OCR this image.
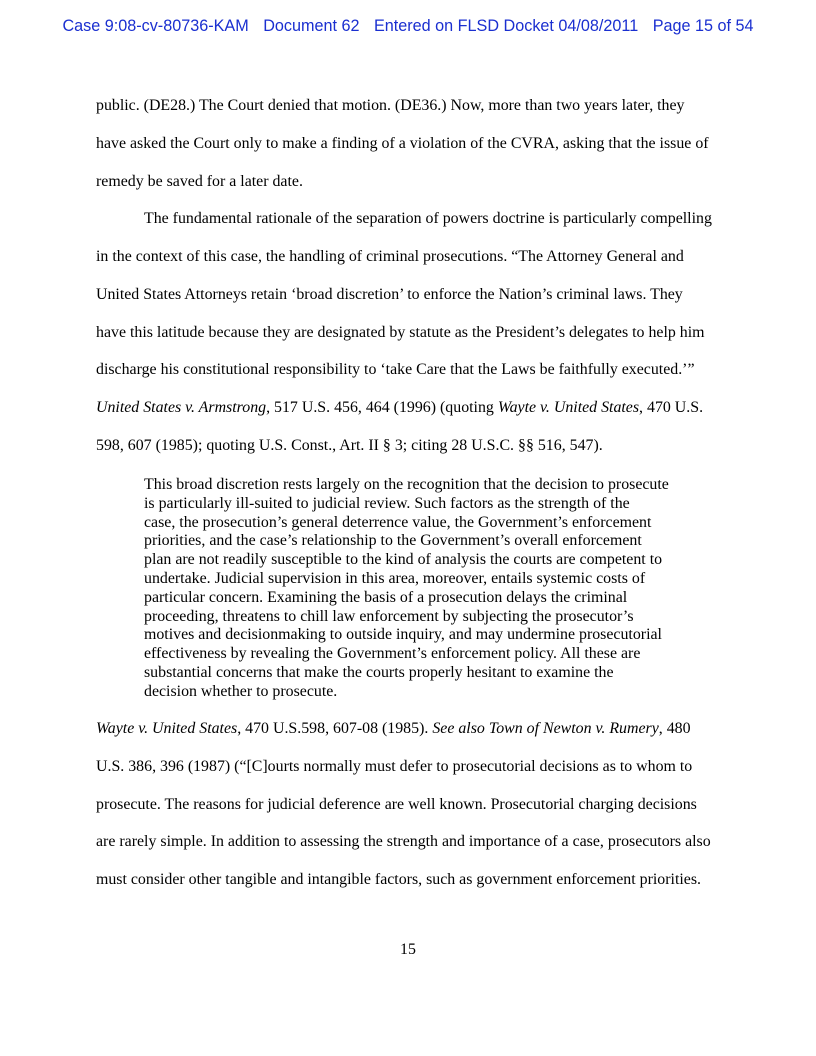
Case 9:08-cv-80736-KAM Document 62 Entered on FLSD Docket 04/08/2011 Page 15 of 54
public. (DE28.) The Court denied that motion. (DE36.) Now, more than two years later, they
have asked the Court only to make a finding of a violation of the CVRA, asking that the issue of
remedy be saved for a later date.
The fundamental rationale of the separation of powers doctrine is particularly compelling
in the context of this case, the handling of criminal prosecutions. “The Attorney General and
United States Attorneys retain ‘broad discretion’ to enforce the Nation’s criminal laws. They
have this latitude because they are designated by statute as the President’s delegates to help him
discharge his constitutional responsibility to ‘take Care that the Laws be faithfully executed.’”
United States v. Armstrong, 517 U.S. 456, 464 (1996) (quoting Wayte v. United States, 470 U.S.
598, 607 (1985); quoting U.S. Const., Art. II § 3; citing 28 U.S.C. §§ 516, 547).
This broad discretion rests largely on the recognition that the decision to prosecute
is particularly ill-suited to judicial review. Such factors as the strength of the
case, the prosecution’s general deterrence value, the Government’s enforcement
priorities, and the case’s relationship to the Government’s overall enforcement
plan are not readily susceptible to the kind of analysis the courts are competent to
undertake. Judicial supervision in this area, moreover, entails systemic costs of
particular concern. Examining the basis of a prosecution delays the criminal
proceeding, threatens to chill law enforcement by subjecting the prosecutor’s
motives and decisionmaking to outside inquiry, and may undermine prosecutorial
effectiveness by revealing the Government’s enforcement policy. All these are
substantial concerns that make the courts properly hesitant to examine the
decision whether to prosecute.
Wayte v. United States, 470 U.S.598, 607-08 (1985). See also Town of Newton v. Rumery, 480
U.S. 386, 396 (1987) (“[C]ourts normally must defer to prosecutorial decisions as to whom to
prosecute. The reasons for judicial deference are well known. Prosecutorial charging decisions
are rarely simple. In addition to assessing the strength and importance of a case, prosecutors also
must consider other tangible and intangible factors, such as government enforcement priorities.
15
